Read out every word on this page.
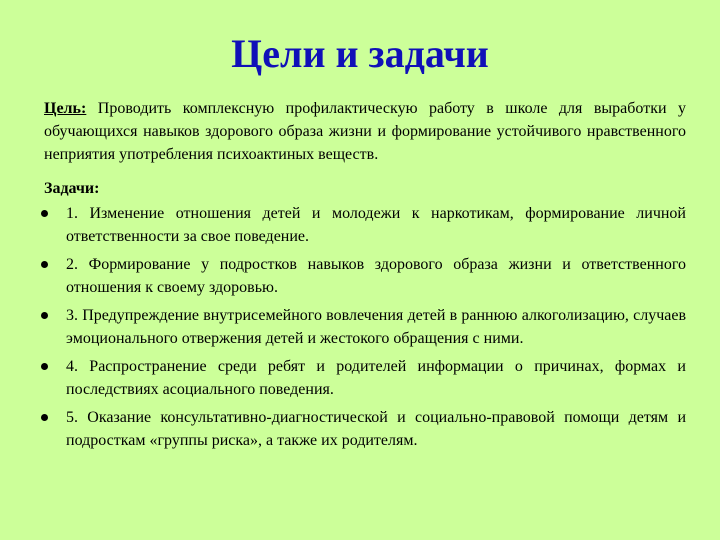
Цели и задачи

Цель: Проводить комплексную профилактическую работу в школе для выработки у обучающихся навыков здорового образа жизни и формирование устойчивого нравственного неприятия употребления психоактиных веществ.

Задачи:
1. Изменение отношения детей и молодежи к наркотикам, формирование личной ответственности за свое поведение.
2. Формирование у подростков навыков здорового образа жизни и ответственного отношения к своему здоровью.
3. Предупреждение внутрисемейного вовлечения детей в раннюю алкоголизацию, случаев эмоционального отвержения детей и жестокого обращения с ними.
4. Распространение среди ребят и родителей информации о причинах, формах и последствиях асоциального поведения.
5. Оказание консультативно-диагностической и социально-правовой помощи детям и подросткам «группы риска», а также их родителям.
